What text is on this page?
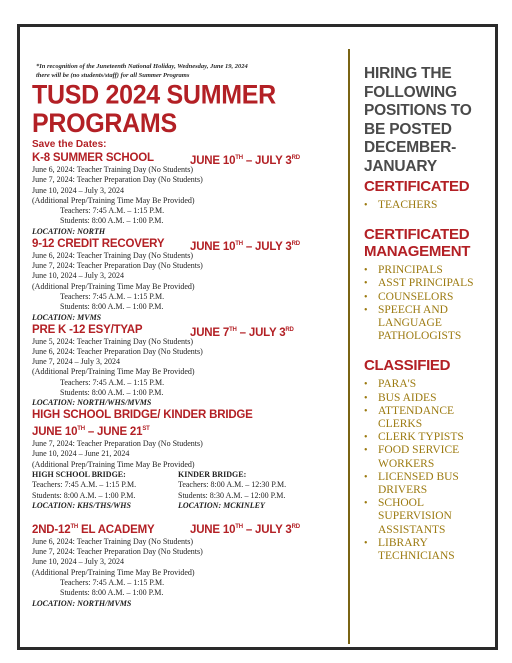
*In recognition of the Juneteenth National Holiday, Wednesday, June 19, 2024
there will be (no students/staff) for all Summer Programs
TUSD 2024 SUMMER
PROGRAMS
Save the Dates:
K-8 SUMMER SCHOOL	JUNE 10TH – JULY 3RD
June 6, 2024: Teacher Training Day (No Students)
June 7, 2024: Teacher Preparation Day (No Students)
June 10, 2024 – July 3, 2024
(Additional Prep/Training Time May Be Provided)
Teachers: 7:45 A.M. – 1:15 P.M.
Students: 8:00 A.M. – 1:00 P.M.
LOCATION: NORTH
9-12 CREDIT RECOVERY JUNE 10TH – JULY 3RD
June 6, 2024: Teacher Training Day (No Students)
June 7, 2024: Teacher Preparation Day (No Students)
June 10, 2024 – July 3, 2024
(Additional Prep/Training Time May Be Provided)
Teachers: 7:45 A.M. – 1:15 P.M.
Students: 8:00 A.M. – 1:00 P.M.
LOCATION: MVMS
PRE K -12 ESY/TYAP	JUNE 7TH – JULY 3RD
June 5, 2024: Teacher Training Day (No Students)
June 6, 2024: Teacher Preparation Day (No Students)
June 7, 2024 – July 3, 2024
(Additional Prep/Training Time May Be Provided)
Teachers: 7:45 A.M. – 1:15 P.M.
Students: 8:00 A.M. – 1:00 P.M.
LOCATION: NORTH/WHS/MVMS
HIGH SCHOOL BRIDGE/ KINDER BRIDGE
JUNE 10TH – JUNE 21ST
June 7, 2024: Teacher Preparation Day (No Students)
June 10, 2024 – June 21, 2024
(Additional Prep/Training Time May Be Provided)
HIGH SCHOOL BRIDGE:	KINDER BRIDGE:
Teachers: 7:45 A.M. – 1:15 P.M.	Teachers: 8:00 A.M. – 12:30 P.M.
Students: 8:00 A.M. – 1:00 P.M.	Students: 8:30 A.M. – 12:00 P.M.
LOCATION: KHS/THS/WHS	LOCATION: MCKINLEY
2ND-12TH EL ACADEMY	JUNE 10TH – JULY 3RD
June 6, 2024: Teacher Training Day (No Students)
June 7, 2024: Teacher Preparation Day (No Students)
June 10, 2024 – July 3, 2024
(Additional Prep/Training Time May Be Provided)
Teachers: 7:45 A.M. – 1:15 P.M.
Students: 8:00 A.M. – 1:00 P.M.
LOCATION: NORTH/MVMS
HIRING THE
FOLLOWING
POSITIONS TO
BE POSTED
DECEMBER-
JANUARY
CERTIFICATED
• TEACHERS
CERTIFICATED
MANAGEMENT
• PRINCIPALS
• ASST PRINCIPALS
• COUNSELORS
• SPEECH AND LANGUAGE PATHOLOGISTS
CLASSIFIED
• PARA'S
• BUS AIDES
• ATTENDANCE CLERKS
• CLERK TYPISTS
• FOOD SERVICE WORKERS
• LICENSED BUS DRIVERS
• SCHOOL SUPERVISION ASSISTANTS
• LIBRARY TECHNICIANS
